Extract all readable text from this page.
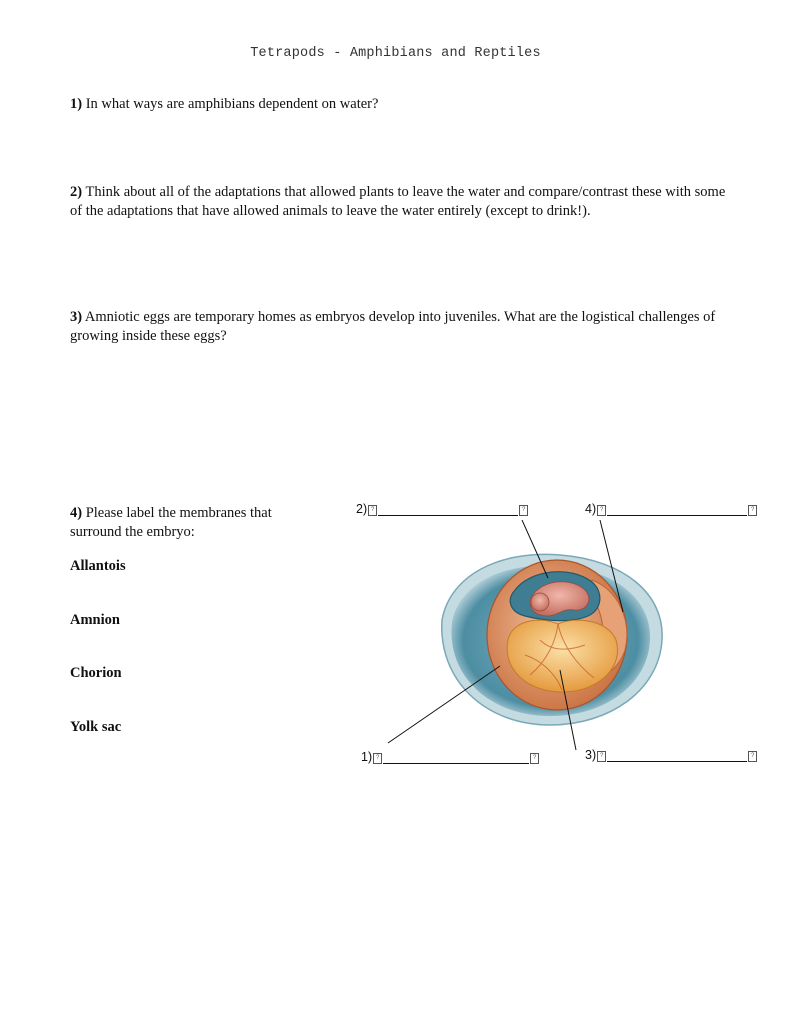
Tetrapods - Amphibians and Reptiles
1) In what ways are amphibians dependent on water?
2) Think about all of the adaptations that allowed plants to leave the water and compare/contrast these with some of the adaptations that have allowed animals to leave the water entirely (except to drink!).
3) Amniotic eggs are temporary homes as embryos develop into juveniles. What are the logistical challenges of growing inside these eggs?
4) Please label the membranes that surround the embryo:
Allantois
Amnion
Chorion
Yolk sac
2) ?	?	4) ?	?
1) ?	?	3) ?	?
